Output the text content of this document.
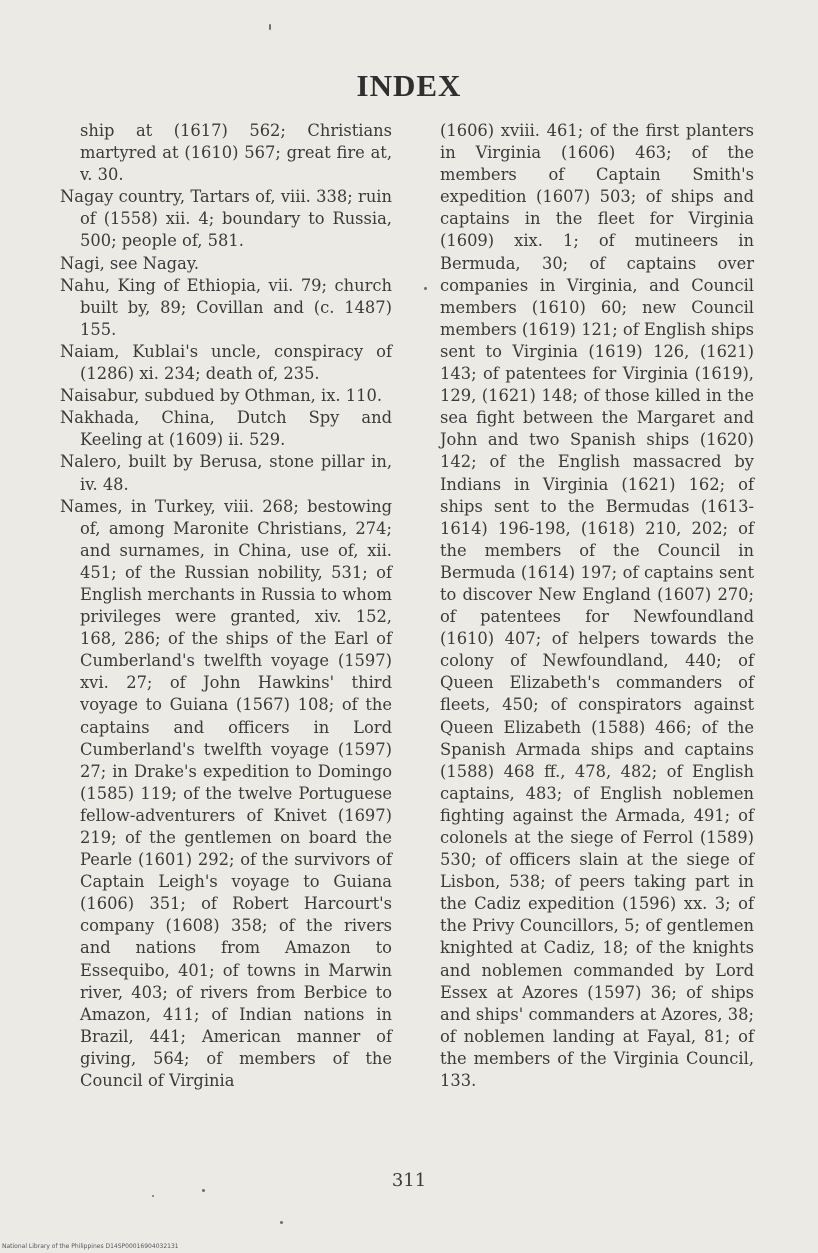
INDEX

ship at (1617) 562; Christians martyred at (1610) 567; great fire at, v. 30.

Nagay country, Tartars of, viii. 338; ruin of (1558) xii. 4; boundary to Russia, 500; people of, 581.

Nagi, see Nagay.

Nahu, King of Ethiopia, vii. 79; church built by, 89; Covillan and (c. 1487) 155.

Naiam, Kublai's uncle, conspiracy of (1286) xi. 234; death of, 235.

Naisabur, subdued by Othman, ix. 110.

Nakhada, China, Dutch Spy and Keeling at (1609) ii. 529.

Nalero, built by Berusa, stone pillar in, iv. 48.

Names, in Turkey, viii. 268; bestowing of, among Maronite Christians, 274; and surnames, in China, use of, xii. 451; of the Russian nobility, 531; of English merchants in Russia to whom privileges were granted, xiv. 152, 168, 286; of the ships of the Earl of Cumberland's twelfth voyage (1597) xvi. 27; of John Hawkins' third voyage to Guiana (1567) 108; of the captains and officers in Lord Cumberland's twelfth voyage (1597) 27; in Drake's expedition to Domingo (1585) 119; of the twelve Portuguese fellow-adventurers of Knivet (1697) 219; of the gentlemen on board the Pearle (1601) 292; of the survivors of Captain Leigh's voyage to Guiana (1606) 351; of Robert Harcourt's company (1608) 358; of the rivers and nations from Amazon to Essequibo, 401; of towns in Marwin river, 403; of rivers from Berbice to Amazon, 411; of Indian nations in Brazil, 441; American manner of giving, 564; of members of the Council of Virginia

(1606) xviii. 461; of the first planters in Virginia (1606) 463; of the members of Captain Smith's expedition (1607) 503; of ships and captains in the fleet for Virginia (1609) xix. 1; of mutineers in Bermuda, 30; of captains over companies in Virginia, and Council members (1610) 60; new Council members (1619) 121; of English ships sent to Virginia (1619) 126, (1621) 143; of patentees for Virginia (1619), 129, (1621) 148; of those killed in the sea fight between the Margaret and John and two Spanish ships (1620) 142; of the English massacred by Indians in Virginia (1621) 162; of ships sent to the Bermudas (1613-1614) 196-198, (1618) 210, 202; of the members of the Council in Bermuda (1614) 197; of captains sent to discover New England (1607) 270; of patentees for Newfoundland (1610) 407; of helpers towards the colony of Newfoundland, 440; of Queen Elizabeth's commanders of fleets, 450; of conspirators against Queen Elizabeth (1588) 466; of the Spanish Armada ships and captains (1588) 468 ff., 478, 482; of English captains, 483; of English noblemen fighting against the Armada, 491; of colonels at the siege of Ferrol (1589) 530; of officers slain at the siege of Lisbon, 538; of peers taking part in the Cadiz expedition (1596) xx. 3; of the Privy Councillors, 5; of gentlemen knighted at Cadiz, 18; of the knights and noblemen commanded by Lord Essex at Azores (1597) 36; of ships and ships' commanders at Azores, 38; of noblemen landing at Fayal, 81; of the members of the Virginia Council, 133.

311
National Library of the Philippines D14SP00016904032131
